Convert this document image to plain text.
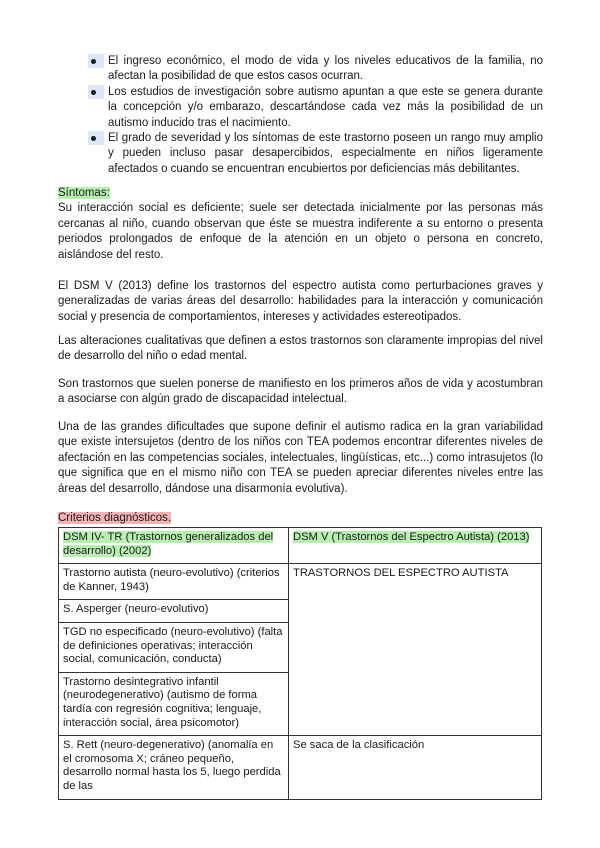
El ingreso económico, el modo de vida y los niveles educativos de la familia, no afectan la posibilidad de que estos casos ocurran.
Los estudios de investigación sobre autismo apuntan a que este se genera durante la concepción y/o embarazo, descartándose cada vez más la posibilidad de un autismo inducido tras el nacimiento.
El grado de severidad y los síntomas de este trastorno poseen un rango muy amplio y pueden incluso pasar desapercibidos, especialmente en niños ligeramente afectados o cuando se encuentran encubiertos por deficiencias más debilitantes.
Síntomas:
Su interacción social es deficiente; suele ser detectada inicialmente por las personas más cercanas al niño, cuando observan que éste se muestra indiferente a su entorno o presenta periodos prolongados de enfoque de la atención en un objeto o persona en concreto, aislándose del resto.
El DSM V (2013) define los trastornos del espectro autista como perturbaciones graves y generalizadas de varias áreas del desarrollo: habilidades para la interacción y comunicación social y presencia de comportamientos, intereses y actividades estereotipados.
Las alteraciones cualitativas que definen a estos trastornos son claramente impropias del nivel de desarrollo del niño o edad mental.
Son trastornos que suelen ponerse de manifiesto en los primeros años de vida y acostumbran a asociarse con algún grado de discapacidad intelectual.
Una de las grandes dificultades que supone definir el autismo radica en la gran variabilidad que existe intersujetos (dentro de los niños con TEA podemos encontrar diferentes niveles de afectación en las competencias sociales, intelectuales, lingüísticas, etc...) como intrasujetos (lo que significa que en el mismo niño con TEA se pueden apreciar diferentes niveles entre las áreas del desarrollo, dándose una disarmonía evolutiva).
Criterios diagnósticos.
DSM IV- TR (Trastornos generalizados del desarrollo) (2002)	DSM V (Trastornos del Espectro Autista) (2013)
Trastorno autista (neuro-evolutivo) (criterios de Kanner, 1943)	TRASTORNOS DEL ESPECTRO AUTISTA
S. Asperger (neuro-evolutivo)	
TGD no especificado (neuro-evolutivo) (falta de definiciones operativas; interacción social, comunicación, conducta)	
Trastorno desintegrativo infantil (neurodegenerativo) (autismo de forma tardía con regresión cognitiva; lenguaje, interacción social, área psicomotor)	
S. Rett (neuro-degenerativo) (anomalía en el cromosoma X; cráneo pequeño, desarrollo normal hasta los 5, luego perdida de las	Se saca de la clasificación
